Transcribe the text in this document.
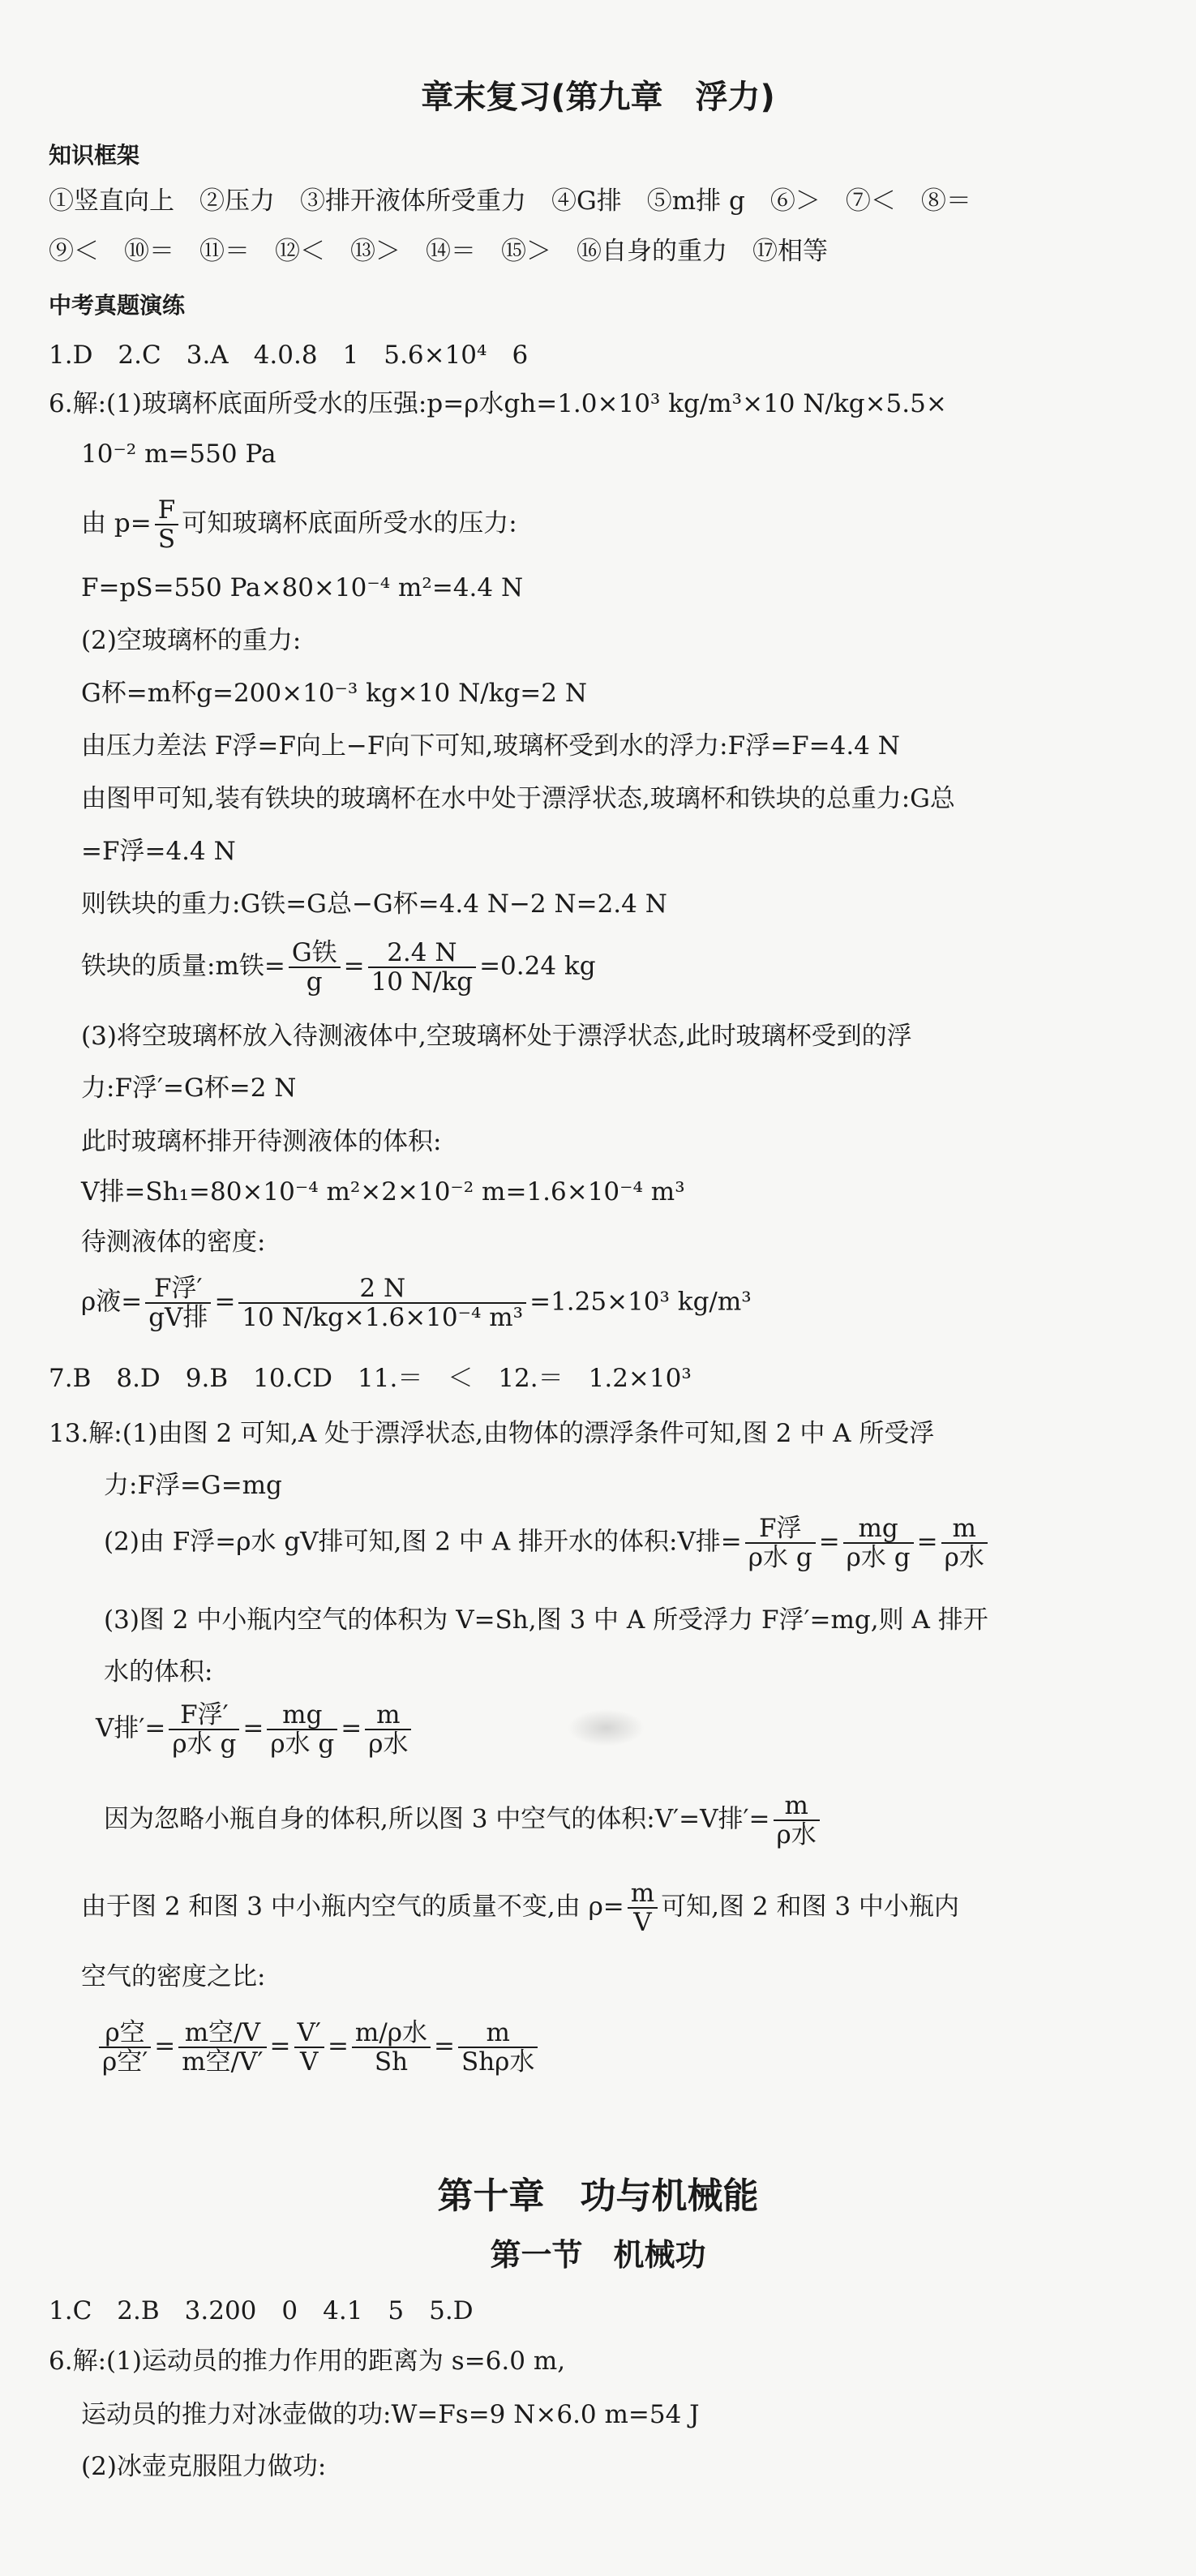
章末复习(第九章　浮力)
知识框架
①竖直向上　②压力　③排开液体所受重力　④G排　⑤m排 g　⑥＞　⑦＜　⑧＝
⑨＜　⑩＝　⑪＝　⑫＜　⑬＞　⑭＝　⑮＞　⑯自身的重力　⑰相等
中考真题演练
1.D　2.C　3.A　4.0.8　1　5.6×10⁴　6
6.解:(1)玻璃杯底面所受水的压强:p=ρ水gh=1.0×10³ kg/m³×10 N/kg×5.5×
10⁻² m=550 Pa
由 $p= \frac{F}{S}$ 可知玻璃杯底面所受水的压力:
F=pS=550 Pa×80×10⁻⁴ m²=4.4 N
(2)空玻璃杯的重力:
G杯=m杯g=200×10⁻³ kg×10 N/kg=2 N
由压力差法 F浮=F向上−F向下可知,玻璃杯受到水的浮力:F浮=F=4.4 N
由图甲可知,装有铁块的玻璃杯在水中处于漂浮状态,玻璃杯和铁块的总重力:G总
=F浮=4.4 N
则铁块的重力:G铁=G总−G杯=4.4 N−2 N=2.4 N
铁块的质量:m铁= G铁
g
= $\frac{2.4 N}{10 N/kg} =0.24$ kg
(3)将空玻璃杯放入待测液体中,空玻璃杯处于漂浮状态,此时玻璃杯受到的浮
力:F浮′=G杯=2 N
此时玻璃杯排开待测液体的体积:
V排=Sh₁=80×10⁻⁴ m²×2×10⁻² m=1.6×10⁻⁴ m³
待测液体的密度:
ρ液= F浮′
gV排
= $\frac{2 N}{\text{10 N/kg×1.6×10⁻⁴ m³}} =1.25\times 10^3$ kg/m³
7.B　8.D　9.B　10.CD　11.＝　＜　12.＝　1.2×10³
13.解:(1)由图 2 可知,A 处于漂浮状态,由物体的漂浮条件可知,图 2 中 A 所受浮
力:F浮=G=mg
(2)由 F浮=ρ水 gV排可知,图 2 中 A 排开水的体积:V排= F浮
ρ水 g
= mg
ρ水 g
= m
ρ水
(3)图 2 中小瓶内空气的体积为 V=Sh,图 3 中 A 所受浮力 F浮′=mg,则 A 排开
水的体积:
V排′= F浮′
ρ水 g
= mg
ρ水 g
= m
ρ水
因为忽略小瓶自身的体积,所以图 3 中空气的体积:V′=V排′= m
ρ水
由于图 2 和图 3 中小瓶内空气的质量不变,由 $\rho= \frac{m}{V}$ 可知,图 2 和图 3 中小瓶内
空气的密度之比:
ρ空
ρ空′
= m空/V
m空/V′
= $\frac{V'}{V} = m/\rho$水
Sh
=	m
Shρ水
第十章　功与机械能
第一节　机械功
1.C　2.B　3.200　0　4.1　5　5.D
6.解:(1)运动员的推力作用的距离为 s=6.0 m,
运动员的推力对冰壶做的功:W=Fs=9 N×6.0 m=54 J
(2)冰壶克服阻力做功:
